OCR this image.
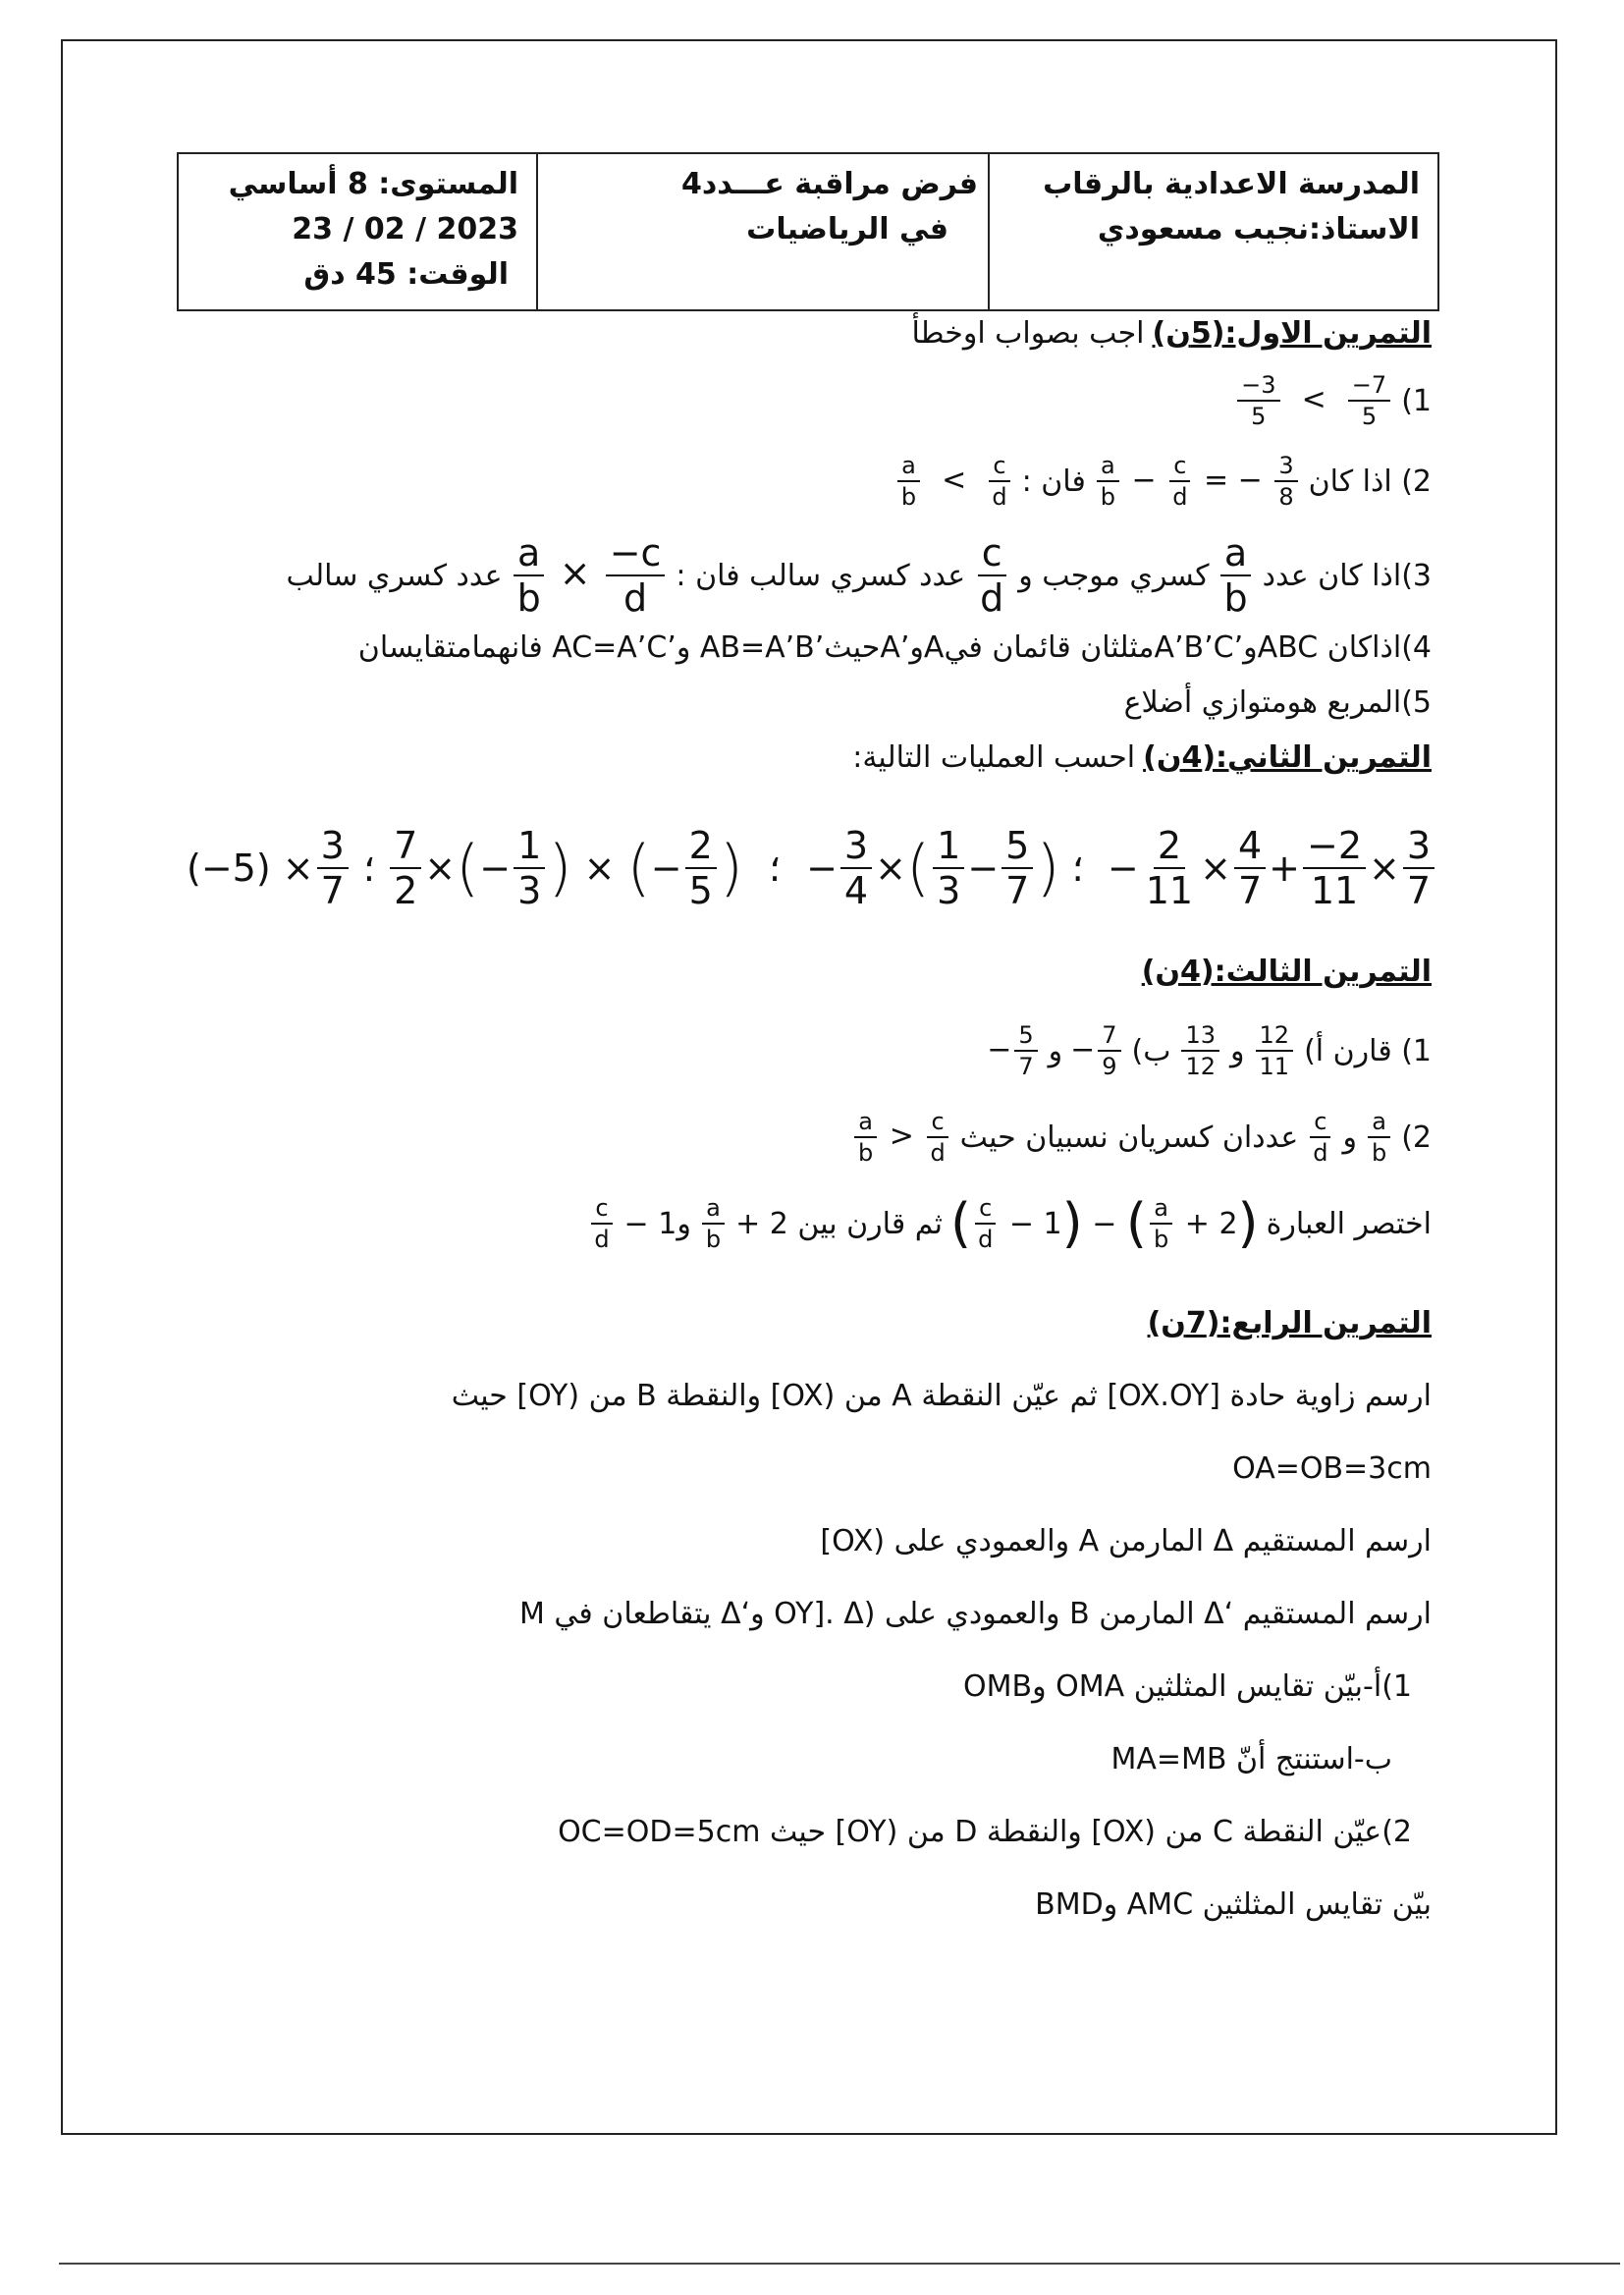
المدرسة الاعدادية بالرقاب
الاستاذ:نجيب مسعودي

فرض مراقبة عـــدد4
في الرياضيات

المستوى: 8 أساسي
2023 / 02 / 23
الوقت: 45 دق
التمرين الاول:(5ن)
اجب بصواب اوخطأ
1)
$\frac{-3}{5} < \frac{-7}{5}$
2) اذا كان
$\frac{a}{b} - \frac{c}{d}$ = − $\frac{3}{8}$
فان :
$\frac{a}{b} < \frac{c}{d}$
3)اذا كان عدد
$\frac{a}{b}$
كسري موجب و
$\frac{c}{d}$
عدد كسري سالب فان :
$\frac{a}{b} \times \frac{-c}{d}$
عدد كسري سالب
4)اذاكان ABCو’A’B’Cمثلثان قائمان فيAو’Aحيث’AB=A’B و’AC=A’C فانهمامتقايسان
5)المربع هومتوازي أضلاع
التمرين الثاني:(4ن)
احسب العمليات التالية:
$(-5) \times \frac{3}{7}$ ؛ $\frac{7}{2}$ × ( − $\frac{1}{3}$ ) × ( − $\frac{2}{5}$ ) ؛
− $\frac{3}{4}$ × ( $\frac{1}{3} - \frac{5}{7}$ ) ؛  − $\frac{2}{11} \times \frac{4}{7} + \frac{-2}{11} \times \frac{3}{7}$
التمرين الثالث:(4ن)
1) قارن أ)
$\frac{12}{11}$
و
$\frac{13}{12}$
ب)
− $\frac{7}{9}$
و
− $\frac{5}{7}$
2)
$\frac{a}{b}$
و
$\frac{c}{d}$
عددان كسريان نسبيان حيث
$\frac{a}{b} > \frac{c}{d}$
اختصر العبارة
( $\frac{c}{d} - 1$ ) − ( $\frac{a}{b} + 2$ )
ثم قارن بين 2 +
$\frac{a}{b}$
و1 −
$\frac{c}{d}$
التمرين الرابع:(7ن)
ارسم زاوية حادة [OX.OY] ثم عيّن النقطة A من (OX] والنقطة B من (OY] حيث
OA=OB=3cm
ارسم المستقيم Δ المارمن A والعمودي على (OX]
ارسم المستقيم ‘Δ المارمن B والعمودي على (OY]. Δ و‘Δ يتقاطعان في M
1)أ-بيّن تقايس المثلثين OMA وOMB
ب-استنتج أنّ MA=MB
2)عيّن النقطة C من (OX] والنقطة D من (OY] حيث OC=OD=5cm
بيّن تقايس المثلثين AMC وBMD
